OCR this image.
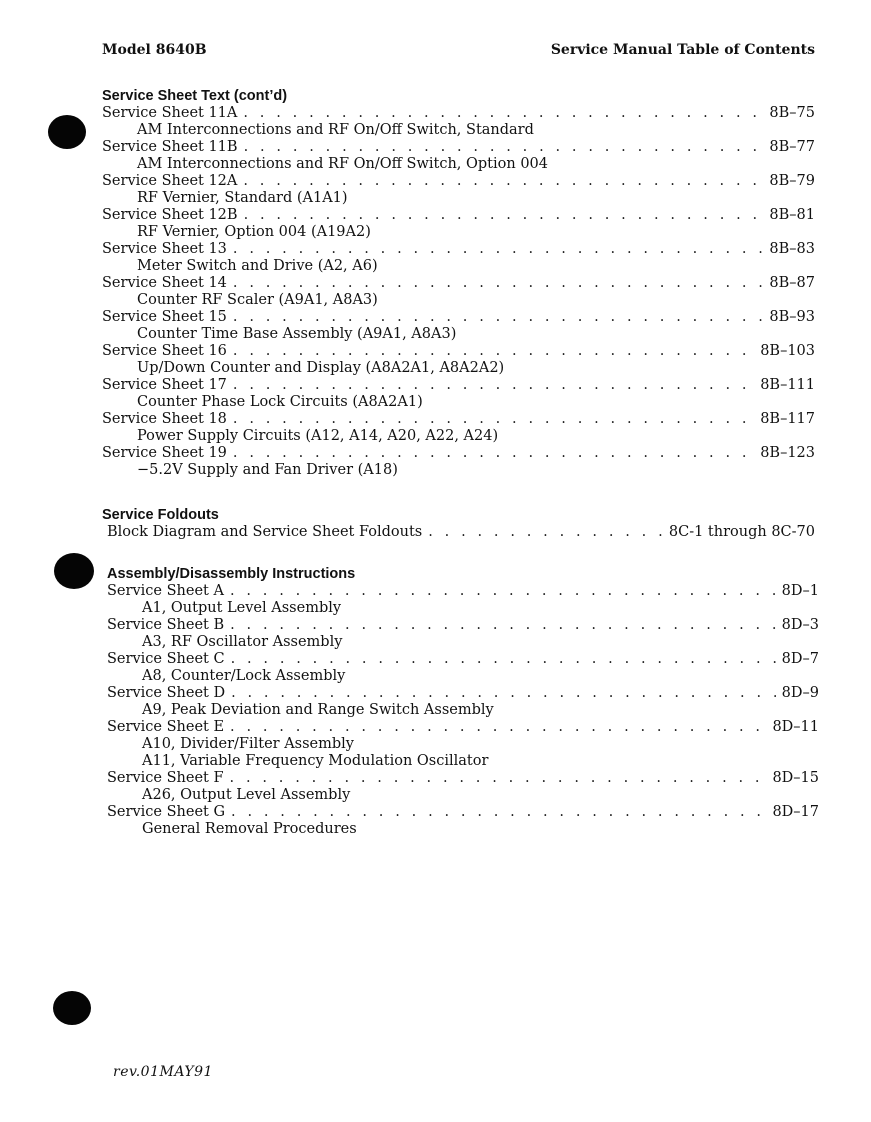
Model 8640B	Service Manual Table of Contents
Service Sheet Text (cont’d)
Service Sheet 11A . . .	8B–75
AM Interconnections and RF On/Off Switch, Standard
Service Sheet 11B . . .	8B–77
AM Interconnections and RF On/Off Switch, Option 004
Service Sheet 12A . . .	8B–79
RF Vernier, Standard (A1A1)
Service Sheet 12B . . .	8B–81
RF Vernier, Option 004 (A19A2)
Service Sheet 13 . . .	8B–83
Meter Switch and Drive (A2, A6)
Service Sheet 14 . . .	8B–87
Counter RF Scaler (A9A1, A8A3)
Service Sheet 15 . . .	8B–93
Counter Time Base Assembly (A9A1, A8A3)
Service Sheet 16 . . .	8B–103
Up/Down Counter and Display (A8A2A1, A8A2A2)
Service Sheet 17 . . .	8B–111
Counter Phase Lock Circuits (A8A2A1)
Service Sheet 18 . . .	8B–117
Power Supply Circuits (A12, A14, A20, A22, A24)
Service Sheet 19 . . .	8B–123
−5.2V Supply and Fan Driver (A18)
Service Foldouts
Block Diagram and Service Sheet Foldouts . . .	8C-1 through 8C-70
Assembly/Disassembly Instructions
Service Sheet A . . .	8D–1
A1, Output Level Assembly
Service Sheet B . . .	8D–3
A3, RF Oscillator Assembly
Service Sheet C . . .	8D–7
A8, Counter/Lock Assembly
Service Sheet D . . .	8D–9
A9, Peak Deviation and Range Switch Assembly
Service Sheet E . . .	8D–11
A10, Divider/Filter Assembly
A11, Variable Frequency Modulation Oscillator
Service Sheet F . . .	8D–15
A26, Output Level Assembly
Service Sheet G . . .	8D–17
General Removal Procedures
rev.01MAY91
